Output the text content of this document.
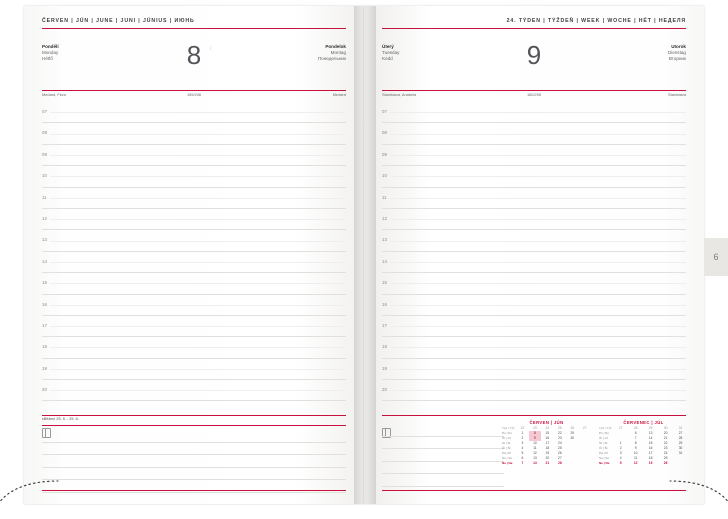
ČERVEN | JÚN | JUNE | JUNI | JÚNIUS | ИЮНЬ
Pondělí
Monday
Hétfő
Pondelok
Montag
Понедельник
8	☾
Medard, Fkva	159/206	Medard
07
08
09
10
11
12
13
14
15
16
17
18
19
20
•• Běžecí 25. 5. - 25. 6.
24. TÝDEN | TÝŽDEŇ | WEEK | WOCHE | HÉT | НЕДЕЛЯ
Úterý
Tuesday
Kedd
Utorok
Dienstag
Вторник
9
Stanislava, Anabela	160/205	Stanislava
07
08
09
10
11
12
13
14
15
16
17
18
19
20
ČERVEN | JÚN
Týd | Týž	22	23	24	25	26	27
Po | Po	1	8	15	22	29	
Út | Ut	2	9	16	23	30	
St | St	3	10	17	24		
Čt | Št	4	11	18	25		
Pá | Pi	5	12	19	26		
So | So	6	13	20	27		
Ne | Ne	7	14	21	28		
ČERVENEC | JÚL
Týd | Týž	27	28	29	30	31	
Po | Po		6	13	20	27	
Út | Ut		7	14	21	28	
St | St	1	8	15	22	29	
Čt | Št	2	9	16	23	30	
Pá | Pi	3	10	17	24	31	
So | So	4	11	18	25		
Ne | Ne	5	12	19	26		
6
